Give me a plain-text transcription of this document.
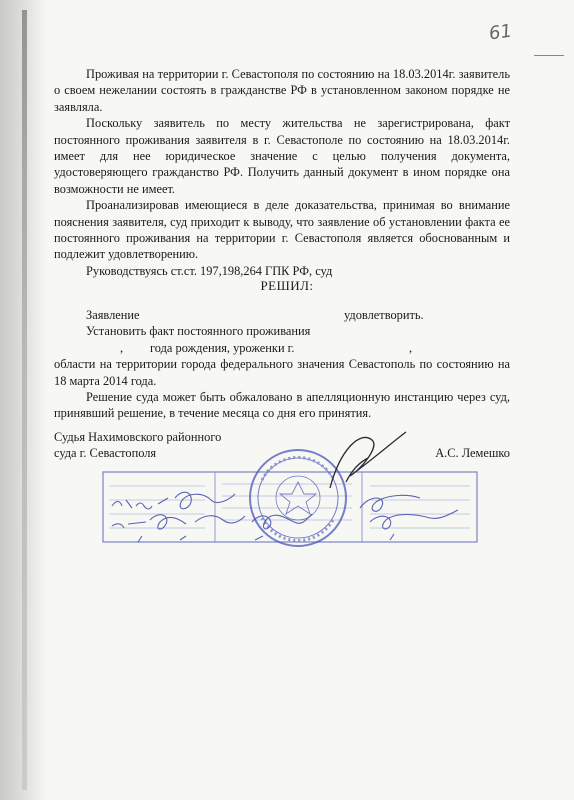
61

Проживая на территории г. Севастополя по состоянию на 18.03.2014г. заявитель о своем нежелании состоять в гражданстве РФ в установленном законом порядке не заявляла.

Поскольку заявитель по месту жительства не зарегистрирована, факт постоянного проживания заявителя в г. Севастополе по состоянию на 18.03.2014г. имеет для нее юридическое значение с целью получения документа, удостоверяющего гражданство РФ. Получить данный документ в ином порядке она возможности не имеет.

Проанализировав имеющиеся в деле доказательства, принимая во внимание пояснения заявителя, суд приходит к выводу, что заявление об установлении факта ее постоянного проживания на территории г. Севастополя является обоснованным и подлежит удовлетворению.

Руководствуясь ст.ст. 197,198,264 ГПК РФ, суд

РЕШИЛ:
Заявление	удовлетворить.
Установить факт постоянного проживания
, года рождения, уроженки г.	,

области на территории города федерального значения Севастополь по состоянию на 18 марта 2014 года.

Решение суда может быть обжаловано в апелляционную инстанцию через суд, принявший решение, в течение месяца со дня его принятия.

Судья Нахимовского районного
суда г. Севастополя	А.С. Лемешко
